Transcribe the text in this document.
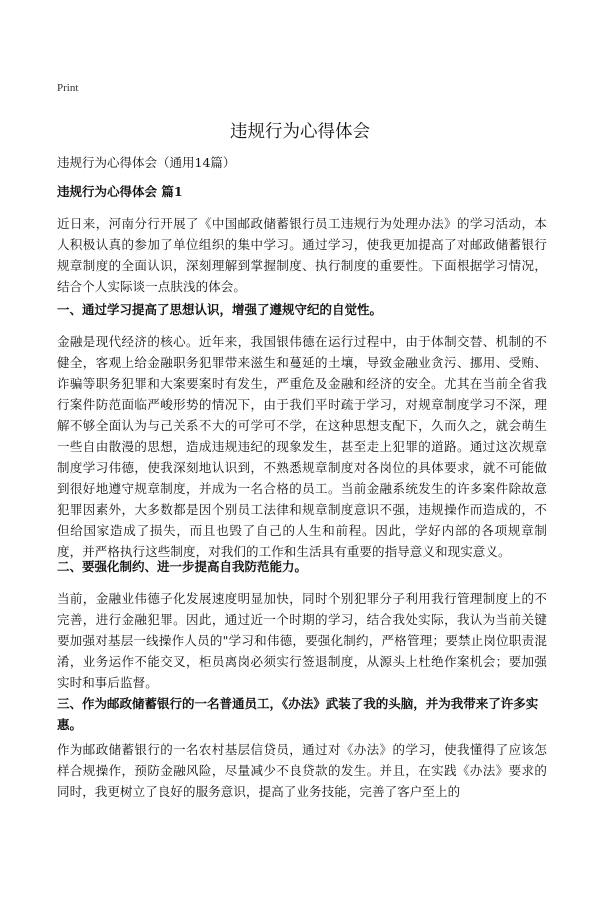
Print
违规行为心得体会
违规行为心得体会（通用14篇）
违规行为心得体会 篇1

近日来，河南分行开展了《中国邮政储蓄银行员工违规行为处理办法》的学习活动，本人积极认真的参加了单位组织的集中学习。通过学习，使我更加提高了对邮政储蓄银行规章制度的全面认识，深刻理解到掌握制度、执行制度的重要性。下面根据学习情况，结合个人实际谈一点肤浅的体会。

一、通过学习提高了思想认识，增强了遵规守纪的自觉性。

金融是现代经济的核心。近年来，我国银伟德在运行过程中，由于体制交替、机制的不健全，客观上给金融职务犯罪带来滋生和蔓延的土壤，导致金融业贪污、挪用、受贿、诈骗等职务犯罪和大案要案时有发生，严重危及金融和经济的安全。尤其在当前全省我行案件防范面临严峻形势的情况下，由于我们平时疏于学习，对规章制度学习不深，理解不够全面认为与己关系不大的可学可不学，在这种思想支配下，久而久之，就会萌生一些自由散漫的思想，造成违规违纪的现象发生，甚至走上犯罪的道路。通过这次规章制度学习伟德，使我深刻地认识到，不熟悉规章制度对各岗位的具体要求，就不可能做到很好地遵守规章制度，并成为一名合格的员工。当前金融系统发生的许多案件除故意犯罪因素外，大多数都是因个别员工法律和规章制度意识不强，违规操作而造成的，不但给国家造成了损失，而且也毁了自己的人生和前程。因此，学好内部的各项规章制度，并严格执行这些制度，对我们的工作和生活具有重要的指导意义和现实意义。

二、要强化制约、进一步提高自我防范能力。

当前，金融业伟德子化发展速度明显加快，同时个别犯罪分子利用我行管理制度上的不完善，进行金融犯罪。因此，通过近一个时期的学习，结合我处实际，我认为当前关键要加强对基层一线操作人员的"学习和伟德，要强化制约，严格管理；要禁止岗位职责混淆，业务运作不能交叉，柜员离岗必须实行签退制度，从源头上杜绝作案机会；要加强实时和事后监督。

三、作为邮政储蓄银行的一名普通员工，《办法》武装了我的头脑，并为我带来了许多实惠。

作为邮政储蓄银行的一名农村基层信贷员，通过对《办法》的学习，使我懂得了应该怎样合规操作，预防金融风险，尽量减少不良贷款的发生。并且，在实践《办法》要求的同时，我更树立了良好的服务意识，提高了业务技能，完善了客户至上的
